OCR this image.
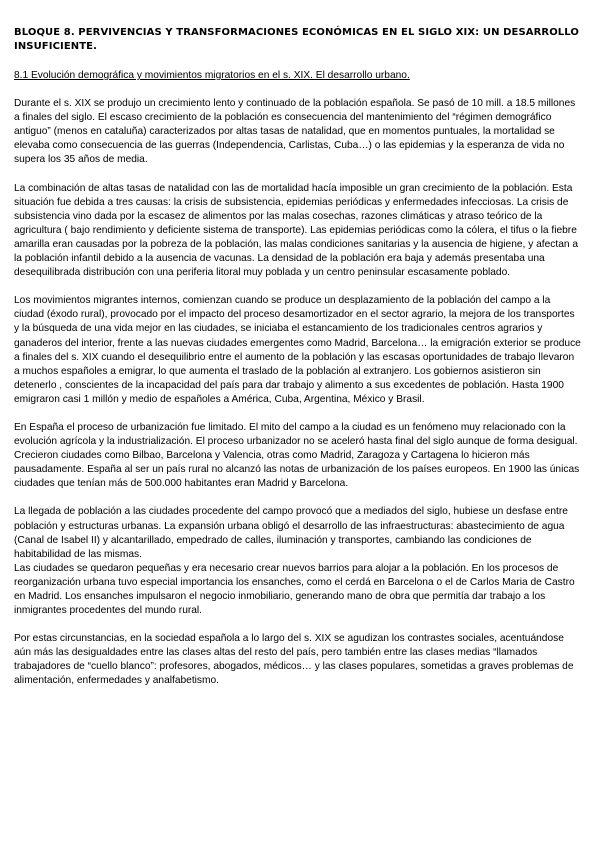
BLOQUE 8. PERVIVENCIAS Y TRANSFORMACIONES ECONÓMICAS EN EL SIGLO XIX: UN DESARROLLO INSUFICIENTE.
8.1 Evolución demográfica y movimientos migratorios en el s. XIX. El desarrollo urbano.

Durante el s. XIX se produjo un crecimiento lento y continuado de la población española. Se pasó de 10 mill. a 18.5 millones a finales del siglo. El escaso crecimiento de la población es consecuencia del mantenimiento del “régimen demográfico antiguo” (menos en cataluña) caracterizados por altas tasas de natalidad, que en momentos puntuales, la mortalidad se elevaba como consecuencia de las guerras (Independencia, Carlistas, Cuba…) o las epidemias y la esperanza de vida no supera los 35 años de media.

La combinación de altas tasas de natalidad con las de mortalidad hacía imposible un gran crecimiento de la población. Esta situación fue debida a tres causas: la crisis de subsistencia, epidemias periódicas y enfermedades infecciosas. La crisis de subsistencia vino dada por la escasez de alimentos por las malas cosechas, razones climáticas y atraso teórico de la agricultura ( bajo rendimiento y deficiente sistema de transporte). Las epidemias periódicas como la cólera, el tifus o la fiebre amarilla eran causadas por la pobreza de la población, las malas condiciones sanitarias y la ausencia de higiene, y afectan a la población infantil debido a la ausencia de vacunas. La densidad de la población era baja y además presentaba una desequilibrada distribución con una periferia litoral muy poblada y un centro peninsular escasamente poblado.

Los movimientos migrantes internos, comienzan cuando se produce un desplazamiento de la población del campo a la ciudad (éxodo rural), provocado por el impacto del proceso desamortizador en el sector agrario, la mejora de los transportes y la búsqueda de una vida mejor en las ciudades, se iniciaba el estancamiento de los tradicionales centros agrarios y ganaderos del interior, frente a las nuevas ciudades emergentes como Madrid, Barcelona… la emigración exterior se produce a finales del s. XIX cuando el desequilibrio entre el aumento de la población y las escasas oportunidades de trabajo llevaron a muchos españoles a emigrar, lo que aumenta el traslado de la población al extranjero. Los gobiernos asistieron sin detenerlo , conscientes de la incapacidad del país para dar trabajo y alimento a sus excedentes de población. Hasta 1900 emigraron casi 1 millón y medio de españoles a América, Cuba, Argentina, México y Brasil.

En España el proceso de urbanización fue limitado. El mito del campo a la ciudad es un fenómeno muy relacionado con la evolución agrícola y la industrialización. El proceso urbanizador no se aceleró hasta final del siglo aunque de forma desigual. Crecieron ciudades como Bilbao, Barcelona y Valencia, otras como Madrid, Zaragoza y Cartagena lo hicieron más pausadamente. España al ser un país rural no alcanzó las notas de urbanización de los países europeos. En 1900 las únicas ciudades que tenían más de 500.000 habitantes eran Madrid y Barcelona.

La llegada de población a las ciudades procedente del campo provocó que a mediados del siglo, hubiese un desfase entre población y estructuras urbanas. La expansión urbana obligó el desarrollo de las infraestructuras: abastecimiento de agua (Canal de Isabel II) y alcantarillado, empedrado de calles, iluminación y transportes, cambiando las condiciones de habitabilidad de las mismas.

Las ciudades se quedaron pequeñas y era necesario crear nuevos barrios para alojar a la población. En los procesos de reorganización urbana tuvo especial importancia los ensanches, como el cerdá en Barcelona o el de Carlos Maria de Castro en Madrid. Los ensanches impulsaron el negocio inmobiliario, generando mano de obra que permitía dar trabajo a los inmigrantes procedentes del mundo rural.

Por estas circunstancias, en la sociedad española a lo largo del s. XIX se agudizan los contrastes sociales, acentuándose aún más las desigualdades entre las clases altas del resto del país, pero también entre las clases medias “llamados trabajadores de “cuello blanco”: profesores, abogados, médicos… y las clases populares, sometidas a graves problemas de alimentación, enfermedades y analfabetismo.
